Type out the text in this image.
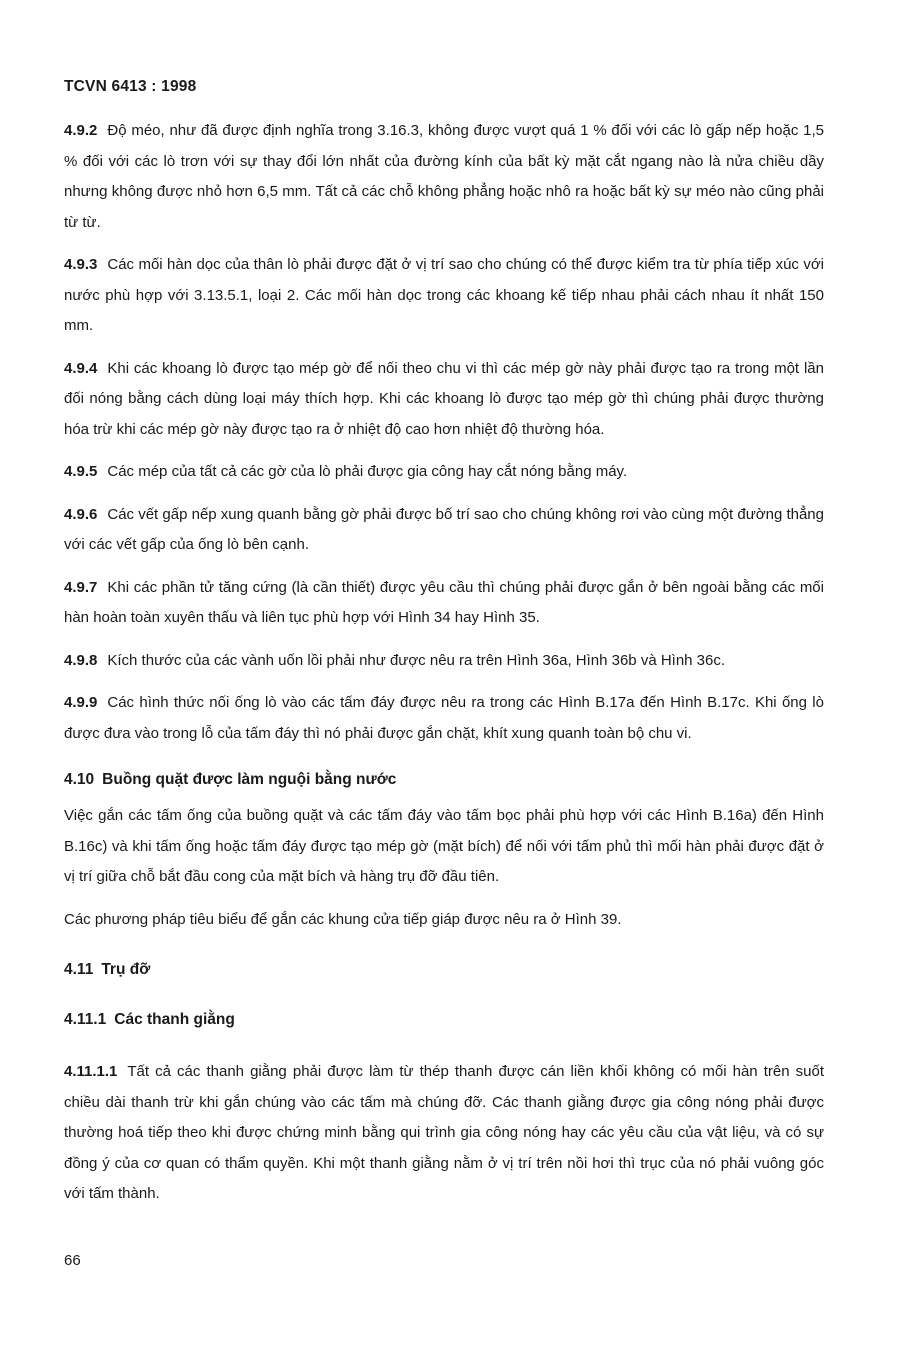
TCVN 6413 : 1998

4.9.2 Độ méo, như đã được định nghĩa trong 3.16.3, không được vượt quá 1 % đối với các lò gấp nếp hoặc 1,5 % đối với các lò trơn với sự thay đổi lớn nhất của đường kính của bất kỳ mặt cắt ngang nào là nửa chiều dầy nhưng không được nhỏ hơn 6,5 mm. Tất cả các chỗ không phẳng hoặc nhô ra hoặc bất kỳ sự méo nào cũng phải từ từ.

4.9.3 Các mối hàn dọc của thân lò phải được đặt ở vị trí sao cho chúng có thể được kiểm tra từ phía tiếp xúc với nước phù hợp với 3.13.5.1, loại 2. Các mối hàn dọc trong các khoang kế tiếp nhau phải cách nhau ít nhất 150 mm.

4.9.4 Khi các khoang lò được tạo mép gờ để nối theo chu vi thì các mép gờ này phải được tạo ra trong một lần đối nóng bằng cách dùng loại máy thích hợp. Khi các khoang lò được tạo mép gờ thì chúng phải được thường hóa trừ khi các mép gờ này được tạo ra ở nhiệt độ cao hơn nhiệt độ thường hóa.

4.9.5 Các mép của tất cả các gờ của lò phải được gia công hay cắt nóng bằng máy.

4.9.6 Các vết gấp nếp xung quanh bằng gờ phải được bố trí sao cho chúng không rơi vào cùng một đường thẳng với các vết gấp của ống lò bên cạnh.

4.9.7 Khi các phần tử tăng cứng (là cần thiết) được yêu cầu thì chúng phải được gắn ở bên ngoài bằng các mối hàn hoàn toàn xuyên thấu và liên tục phù hợp với Hình 34 hay Hình 35.

4.9.8 Kích thước của các vành uốn lồi phải như được nêu ra trên Hình 36a, Hình 36b và Hình 36c.

4.9.9 Các hình thức nối ống lò vào các tấm đáy được nêu ra trong các Hình B.17a đến Hình B.17c. Khi ống lò được đưa vào trong lỗ của tấm đáy thì nó phải được gắn chặt, khít xung quanh toàn bộ chu vi.

4.10 Buồng quặt được làm nguội bằng nước

Việc gắn các tấm ống của buồng quặt và các tấm đáy vào tấm bọc phải phù hợp với các Hình B.16a) đến Hình B.16c) và khi tấm ống hoặc tấm đáy được tạo mép gờ (mặt bích) để nối với tấm phủ thì mối hàn phải được đặt ở vị trí giữa chỗ bắt đầu cong của mặt bích và hàng trụ đỡ đầu tiên.

Các phương pháp tiêu biểu để gắn các khung cửa tiếp giáp được nêu ra ở Hình 39.

4.11 Trụ đỡ
4.11.1 Các thanh giằng

4.11.1.1 Tất cả các thanh giằng phải được làm từ thép thanh được cán liền khối không có mối hàn trên suốt chiều dài thanh trừ khi gắn chúng vào các tấm mà chúng đỡ. Các thanh giằng được gia công nóng phải được thường hoá tiếp theo khi được chứng minh bằng qui trình gia công nóng hay các yêu cầu của vật liệu, và có sự đồng ý của cơ quan có thẩm quyền. Khi một thanh giằng nằm ở vị trí trên nồi hơi thì trục của nó phải vuông góc với tấm thành.

66
